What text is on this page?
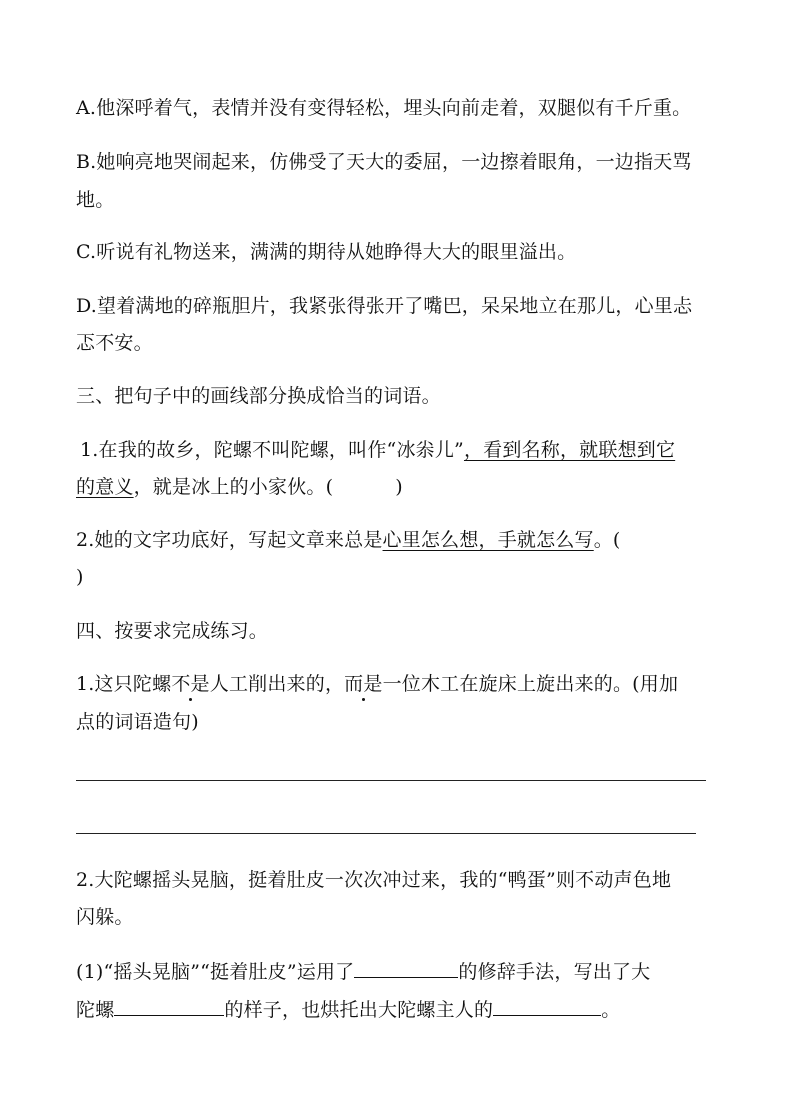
A.他深呼着气，表情并没有变得轻松，埋头向前走着，双腿似有千斤重。
B.她响亮地哭闹起来，仿佛受了天大的委屈，一边擦着眼角，一边指天骂
地。
C.听说有礼物送来，满满的期待从她睁得大大的眼里溢出。
D.望着满地的碎瓶胆片，我紧张得张开了嘴巴，呆呆地立在那儿，心里忐
忑不安。
三、把句子中的画线部分换成恰当的词语。
1.在我的故乡，陀螺不叫陀螺，叫作“冰尜儿”，看到名称，就联想到它
的意义，就是冰上的小家伙。(	)
2.她的文字功底好，写起文章来总是心里怎么想，手就怎么写。(
)
四、按要求完成练习。
1.这只陀螺不是人工削出来的，而是一位木工在旋床上旋出来的。(用加
点的词语造句)
2.大陀螺摇头晃脑，挺着肚皮一次次冲过来，我的“鸭蛋”则不动声色地
闪躲。
(1)“摇头晃脑”“挺着肚皮”运用了	的修辞手法，写出了大
陀螺	的样子，也烘托出大陀螺主人的	。
